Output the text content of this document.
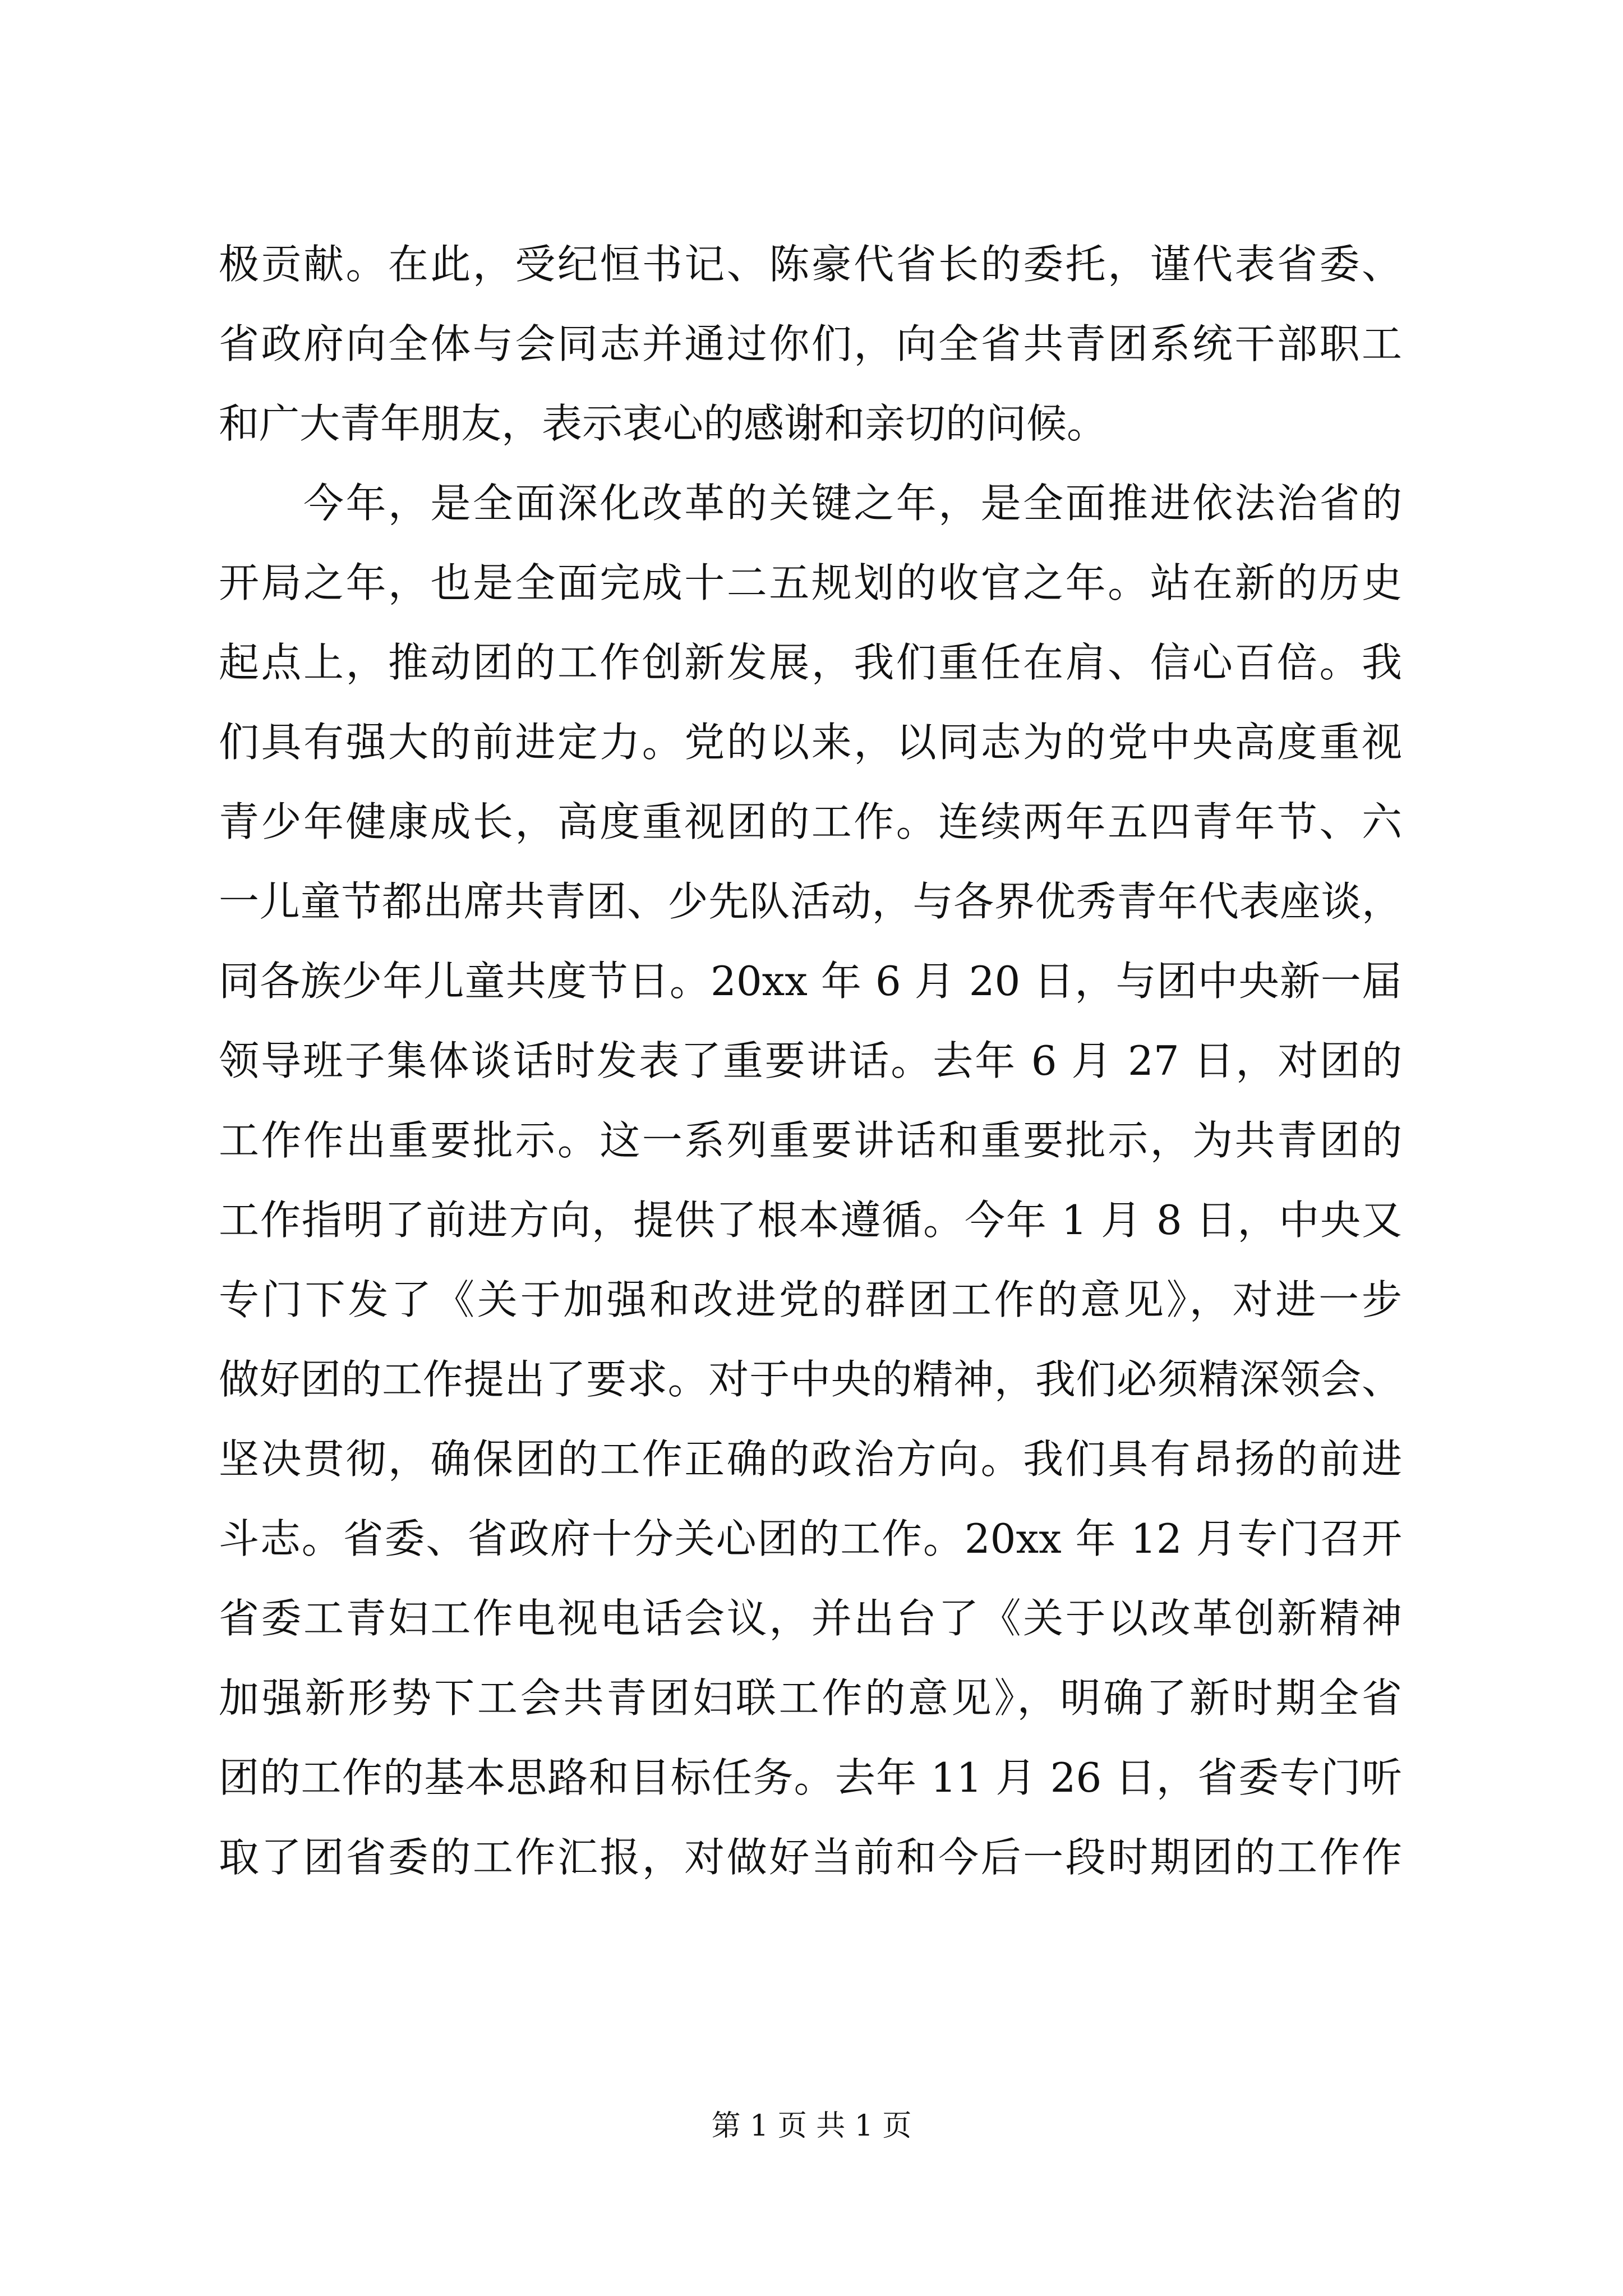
极贡献。在此，受纪恒书记、陈豪代省长的委托，谨代表省委、
省政府向全体与会同志并通过你们，向全省共青团系统干部职工
和广大青年朋友，表示衷心的感谢和亲切的问候。
　　今年，是全面深化改革的关键之年，是全面推进依法治省的
开局之年，也是全面完成十二五规划的收官之年。站在新的历史
起点上，推动团的工作创新发展，我们重任在肩、信心百倍。我
们具有强大的前进定力。党的以来，以同志为的党中央高度重视
青少年健康成长，高度重视团的工作。连续两年五四青年节、六
一儿童节都出席共青团、少先队活动，与各界优秀青年代表座谈，
同各族少年儿童共度节日。20xx 年 6 月 20 日，与团中央新一届
领导班子集体谈话时发表了重要讲话。去年 6 月 27 日，对团的
工作作出重要批示。这一系列重要讲话和重要批示，为共青团的
工作指明了前进方向，提供了根本遵循。今年 1 月 8 日，中央又
专门下发了《关于加强和改进党的群团工作的意见》，对进一步
做好团的工作提出了要求。对于中央的精神，我们必须精深领会、
坚决贯彻，确保团的工作正确的政治方向。我们具有昂扬的前进
斗志。省委、省政府十分关心团的工作。20xx 年 12 月专门召开
省委工青妇工作电视电话会议，并出台了《关于以改革创新精神
加强新形势下工会共青团妇联工作的意见》，明确了新时期全省
团的工作的基本思路和目标任务。去年 11 月 26 日，省委专门听
取了团省委的工作汇报，对做好当前和今后一段时期团的工作作
第 1 页 共 1 页
